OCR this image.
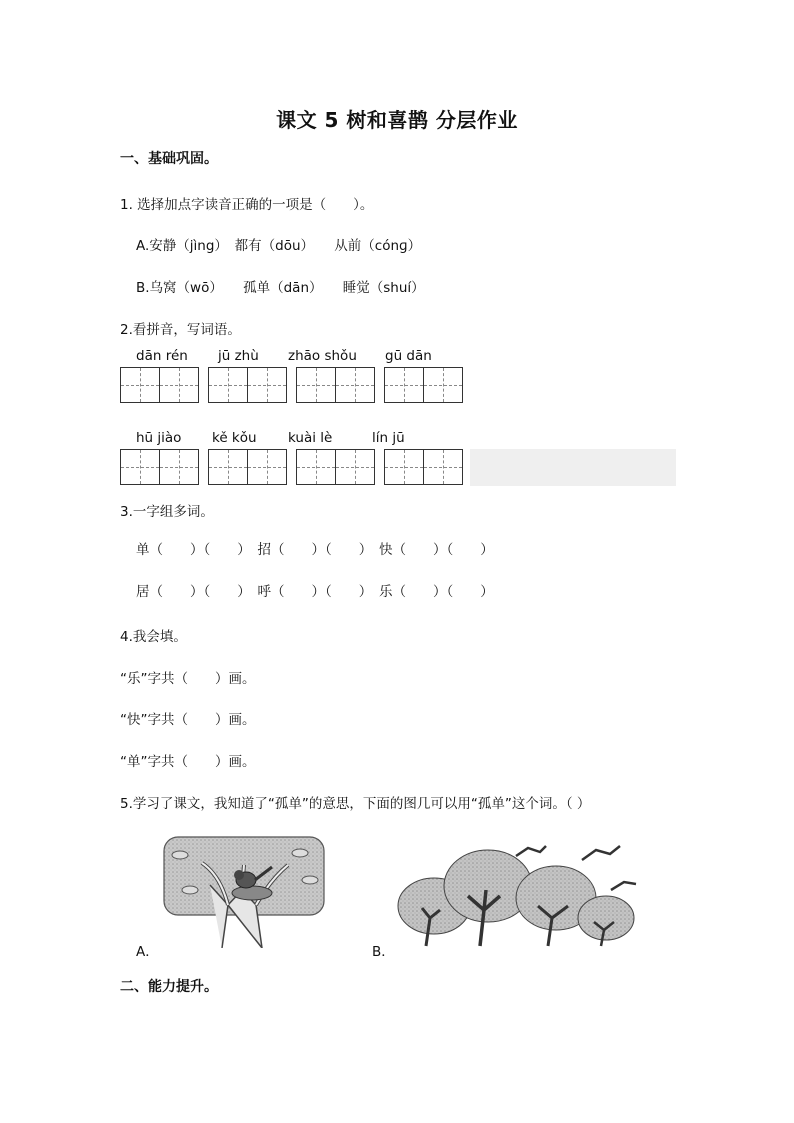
课文 5 树和喜鹊 分层作业
一、基础巩固。
1. 选择加点字读音正确的一项是（　　）。
A.安静（jìng）　都有（dōu）　　从前（cónɡ）
B.乌窝（wō）　　孤单（dān）　　睡觉（shuí）
2.看拼音，写词语。
dān rén jū zhù zhāo shǒu gū dān
hū jiào kě kǒu kuài lè	lín jū
3.一字组多词。
单（　　）（　　）　招（　　）（　　）　快（　　）（　　）
居（　　）（　　）　呼（　　）（　　）　乐（　　）（　　）
4.我会填。
“乐”字共（　　）画。
“快”字共（　　）画。
“单”字共（　　）画。
5.学习了课文，我知道了“孤单”的意思，下面的图几可以用“孤单”这个词。（ ）
A．	B．
二、能力提升。
